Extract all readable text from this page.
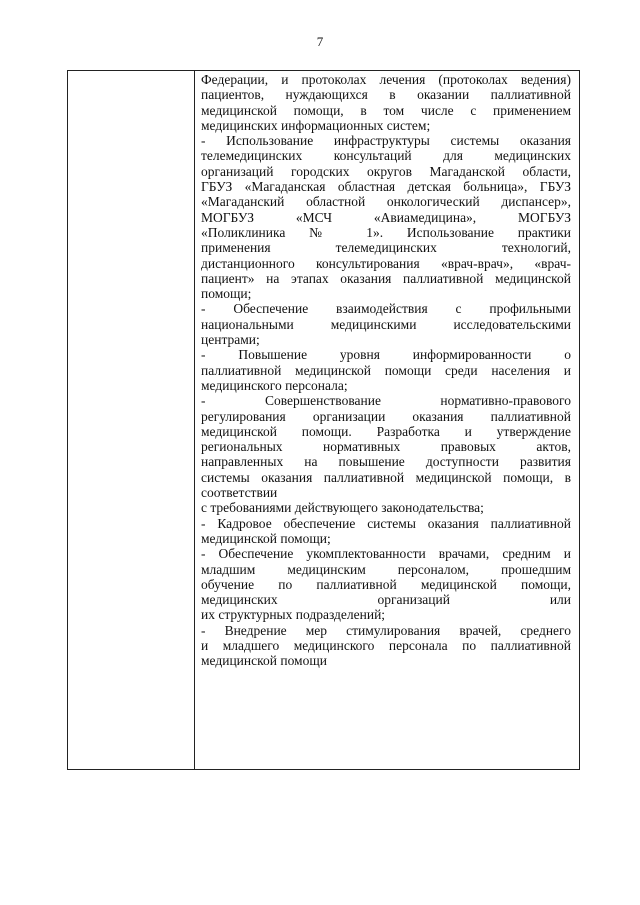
7
Федерации, и протоколах лечения (протоколах ведения)
пациентов, нуждающихся в оказании паллиативной
медицинской помощи, в том числе с применением
медицинских информационных систем;
- Использование инфраструктуры системы оказания
телемедицинских консультаций для медицинских
организаций городских округов Магаданской области,
ГБУЗ «Магаданская областная детская больница», ГБУЗ
«Магаданский областной онкологический диспансер»,
МОГБУЗ «МСЧ «Авиамедицина», МОГБУЗ
«Поликлиника № 1». Использование практики
применения телемедицинских технологий,
дистанционного консультирования «врач-врач», «врач-
пациент» на этапах оказания паллиативной медицинской
помощи;
- Обеспечение взаимодействия с профильными
национальными медицинскими исследовательскими
центрами;
- Повышение уровня информированности о
паллиативной медицинской помощи среди населения и
медицинского персонала;
- Совершенствование нормативно-правового
регулирования организации оказания паллиативной
медицинской помощи. Разработка и утверждение
региональных нормативных правовых актов,
направленных на повышение доступности развития
системы оказания паллиативной медицинской помощи, в
соответствии
с требованиями действующего законодательства;
- Кадровое обеспечение системы оказания паллиативной
медицинской помощи;
- Обеспечение укомплектованности врачами, средним и
младшим медицинским персоналом, прошедшим
обучение по паллиативной медицинской помощи,
медицинских организаций или
их структурных подразделений;
- Внедрение мер стимулирования врачей, среднего
и младшего медицинского персонала по паллиативной
медицинской помощи
